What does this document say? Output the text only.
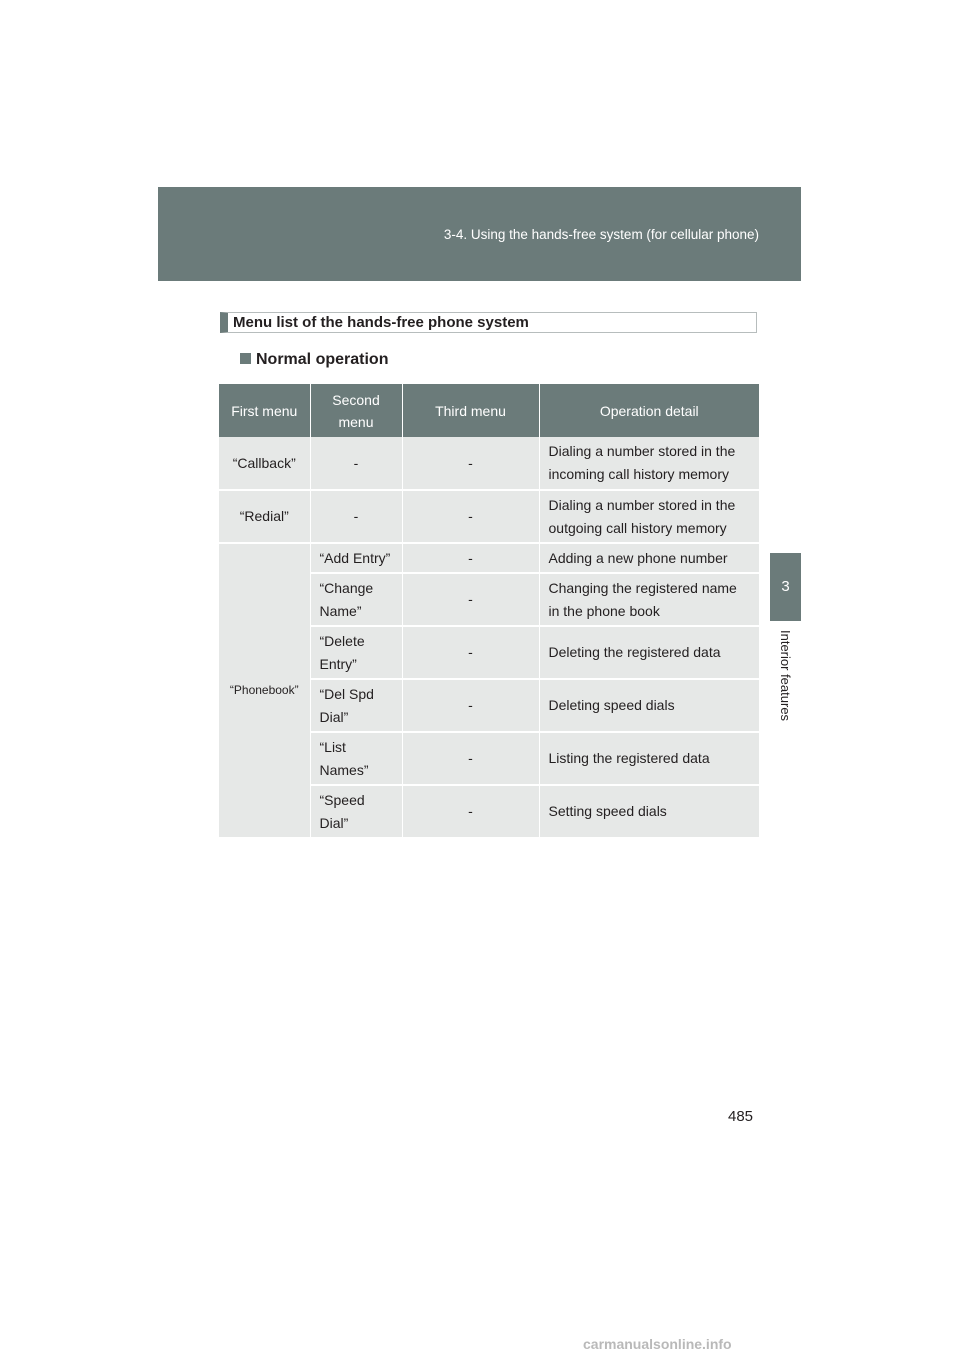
3-4. Using the hands-free system (for cellular phone)
3
Interior features
Menu list of the hands-free phone system
Normal operation
First menu	Second menu	Third menu	Operation detail
“Callback”	-	-	Dialing a number stored in the incoming call history memory
“Redial”	-	-	Dialing a number stored in the outgoing call history memory
“Phonebook”	“Add Entry”	-	Adding a new phone number
	“Change Name”	-	Changing the registered name in the phone book
	“Delete Entry”	-	Deleting the registered data
	“Del Spd Dial”	-	Deleting speed dials
	“List Names”	-	Listing the registered data
	“Speed Dial”	-	Setting speed dials
485
carmanualsonline.info
